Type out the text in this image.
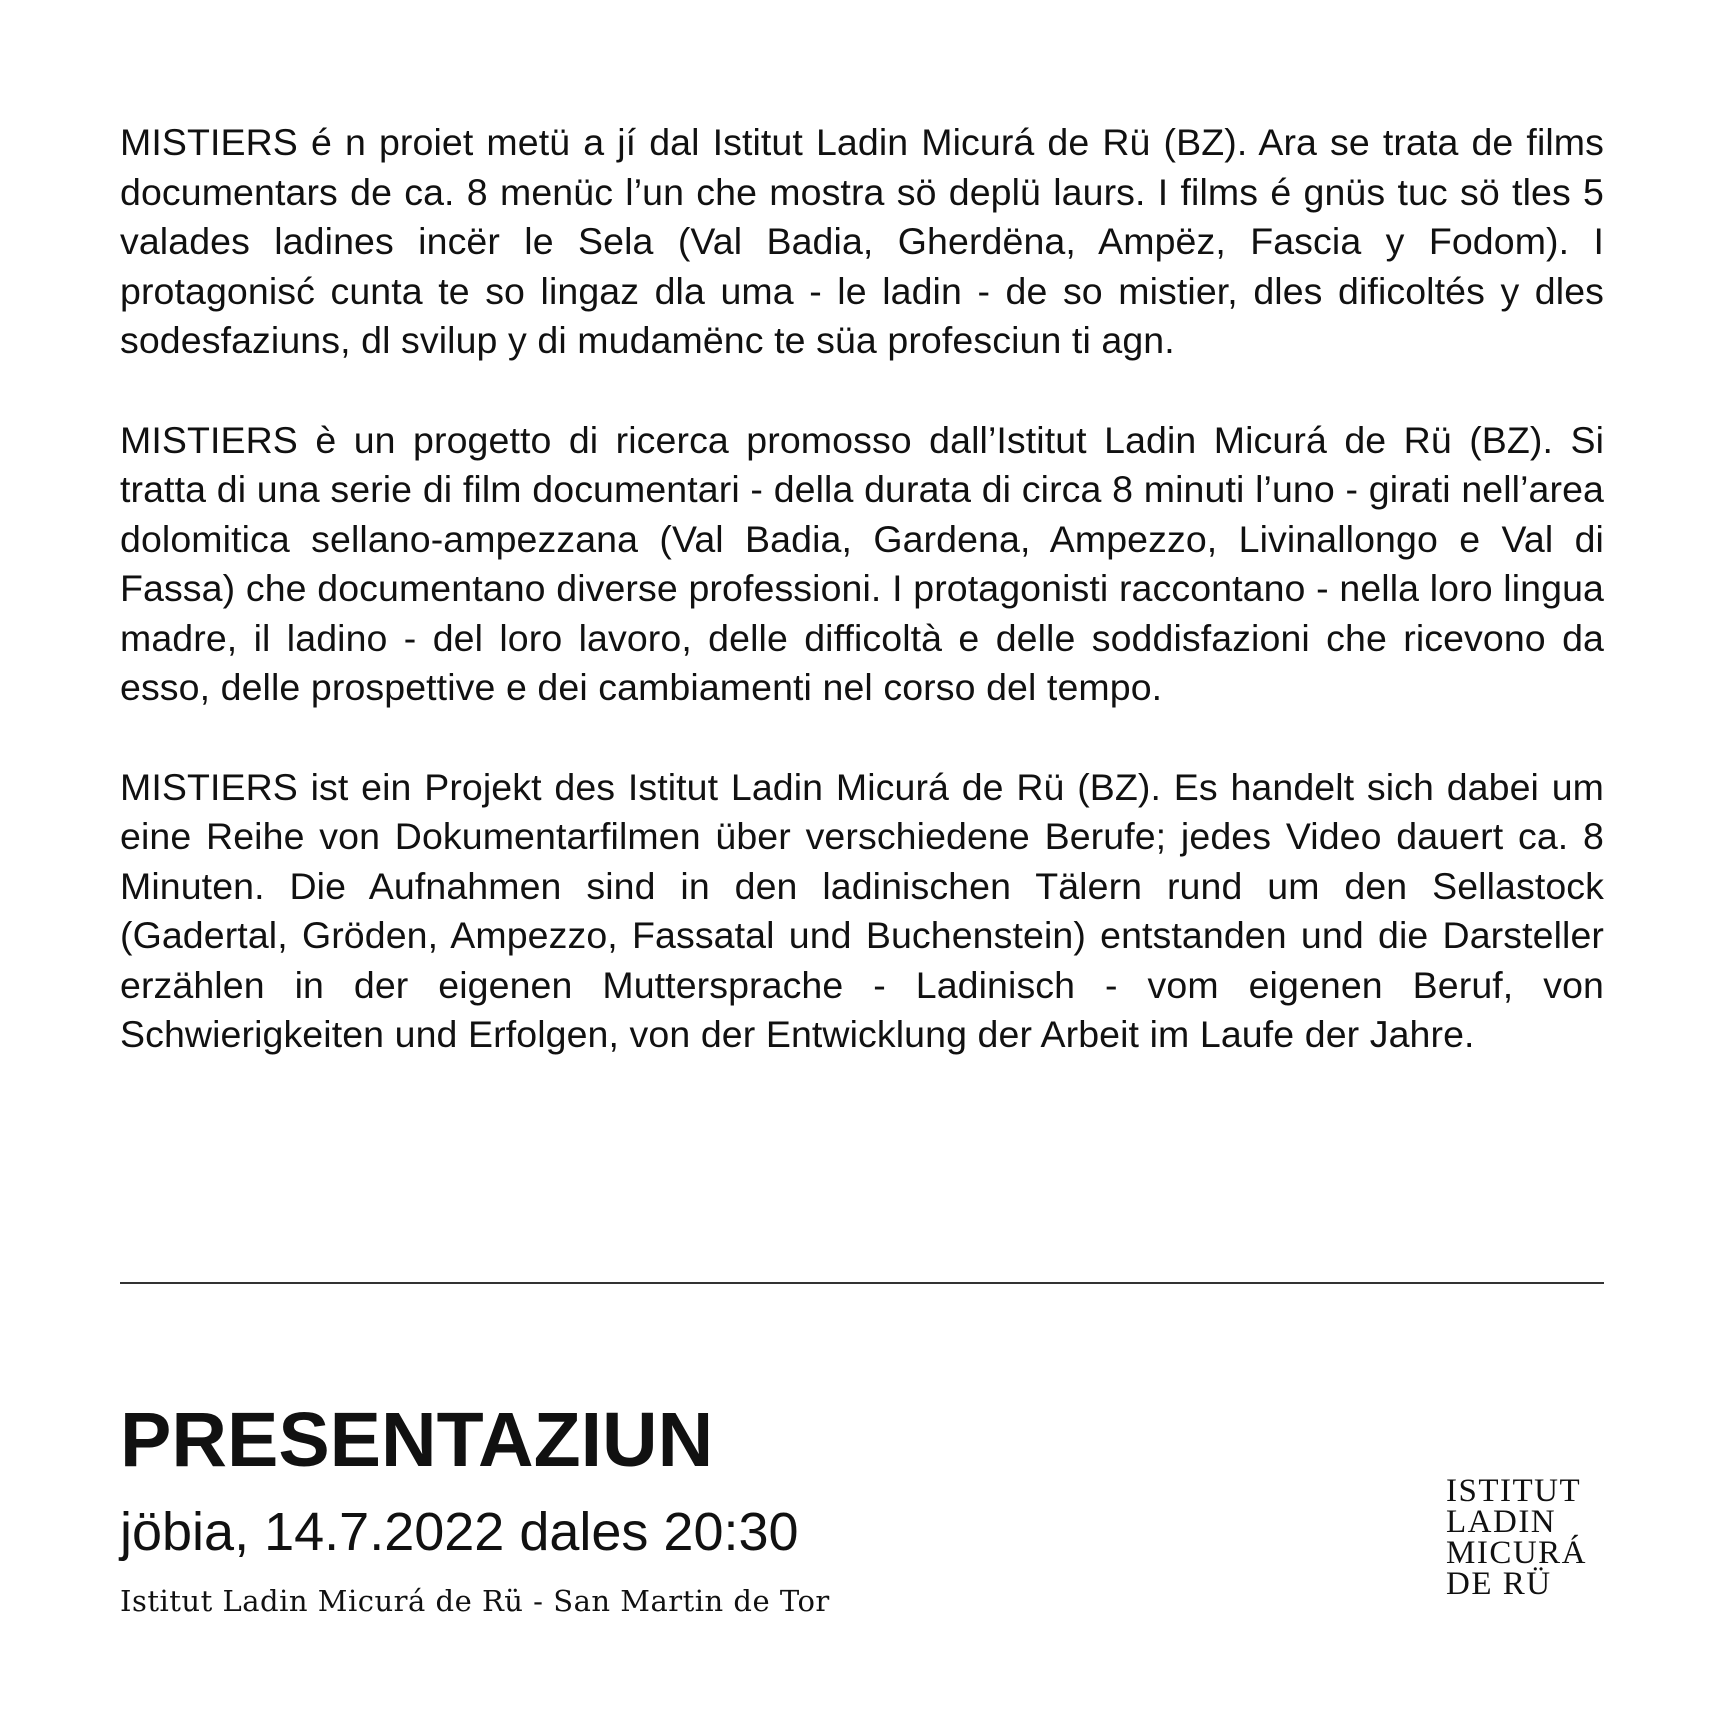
MISTIERS é n proiet metü a jí dal Istitut Ladin Micurá de Rü (BZ). Ara se trata de films documentars de ca. 8 menüc l’un che mostra sö deplü laurs. I films é gnüs tuc sö tles 5 valades ladines incër le Sela (Val Badia, Gherdëna, Ampëz, Fascia y Fodom). I protagonisć cunta te so lingaz dla uma - le ladin - de so mistier, dles dificoltés y dles sodesfaziuns, dl svilup y di mudamënc te süa profesciun ti agn.

MISTIERS è un progetto di ricerca promosso dall’Istitut Ladin Micurá de Rü (BZ). Si tratta di una serie di film documentari - della durata di circa 8 minuti l’uno - girati nell’area dolomitica sellano-ampezzana (Val Badia, Gardena, Ampezzo, Livinallongo e Val di Fassa) che documentano diverse professioni. I protagonisti raccontano - nella loro lingua madre, il ladino - del loro lavoro, delle difficoltà e delle soddisfazioni che ricevono da esso, delle prospettive e dei cambiamenti nel corso del tempo.

MISTIERS ist ein Projekt des Istitut Ladin Micurá de Rü (BZ). Es handelt sich dabei um eine Reihe von Dokumentarfilmen über verschiedene Berufe; jedes Video dauert ca. 8 Minuten. Die Aufnahmen sind in den ladinischen Tälern rund um den Sellastock (Gadertal, Gröden, Ampezzo, Fassatal und Buchenstein) entstanden und die Darsteller erzählen in der eigenen Muttersprache - Ladinisch - vom eigenen Beruf, von Schwierigkeiten und Erfolgen, von der Entwicklung der Arbeit im Laufe der Jahre.

PRESENTAZIUN

jöbia, 14.7.2022 dales 20:30

Istitut Ladin Micurá de Rü - San Martin de Tor

ISTITUT
LADIN
MICURÁ
DE RÜ
